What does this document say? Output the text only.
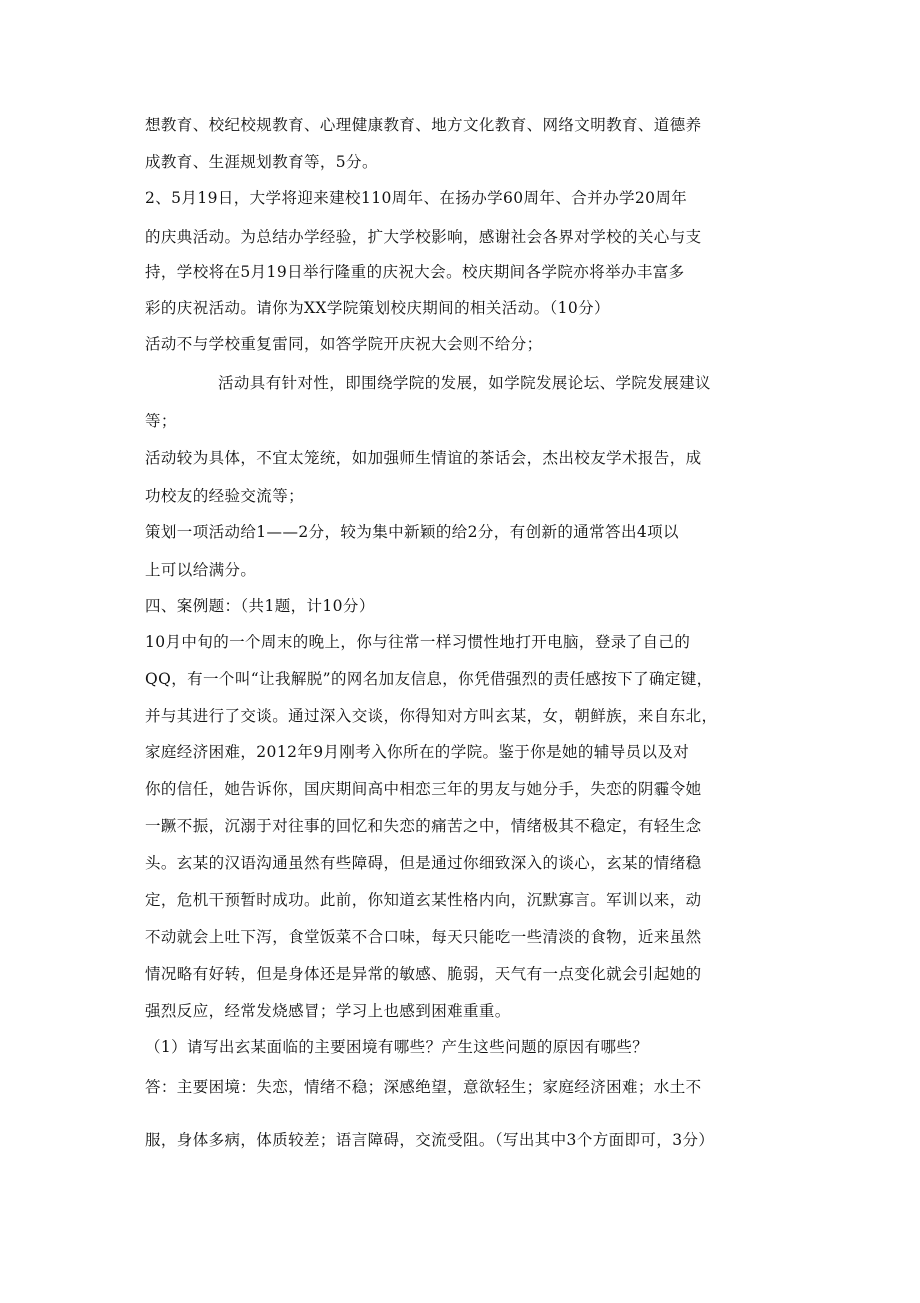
想教育、校纪校规教育、心理健康教育、地方文化教育、网络文明教育、道德养
成教育、生涯规划教育等，5分。
2、5月19日，大学将迎来建校110周年、在扬办学60周年、合并办学20周年
的庆典活动。为总结办学经验，扩大学校影响，感谢社会各界对学校的关心与支
持，学校将在5月19日举行隆重的庆祝大会。校庆期间各学院亦将举办丰富多
彩的庆祝活动。请你为XX学院策划校庆期间的相关活动。（10分）
活动不与学校重复雷同，如答学院开庆祝大会则不给分；
活动具有针对性，即围绕学院的发展，如学院发展论坛、学院发展建议
等；
活动较为具体，不宜太笼统，如加强师生情谊的茶话会，杰出校友学术报告，成
功校友的经验交流等；
策划一项活动给1——2分，较为集中新颖的给2分，有创新的通常答出4项以
上可以给满分。
四、案例题：（共1题，计10分）
10月中旬的一个周末的晚上，你与往常一样习惯性地打开电脑，登录了自己的
QQ，有一个叫“让我解脱”的网名加友信息，你凭借强烈的责任感按下了确定键，
并与其进行了交谈。通过深入交谈，你得知对方叫玄某，女，朝鲜族，来自东北，
家庭经济困难，2012年9月刚考入你所在的学院。鉴于你是她的辅导员以及对
你的信任，她告诉你，国庆期间高中相恋三年的男友与她分手，失恋的阴霾令她
一蹶不振，沉溺于对往事的回忆和失恋的痛苦之中，情绪极其不稳定，有轻生念
头。玄某的汉语沟通虽然有些障碍，但是通过你细致深入的谈心，玄某的情绪稳
定，危机干预暂时成功。此前，你知道玄某性格内向，沉默寡言。军训以来，动
不动就会上吐下泻，食堂饭菜不合口味，每天只能吃一些清淡的食物，近来虽然
情况略有好转，但是身体还是异常的敏感、脆弱，天气有一点变化就会引起她的
强烈反应，经常发烧感冒；学习上也感到困难重重。
（1）请写出玄某面临的主要困境有哪些？产生这些问题的原因有哪些？
答：主要困境：失恋，情绪不稳；深感绝望，意欲轻生；家庭经济困难；水土不
服，身体多病，体质较差；语言障碍，交流受阻。（写出其中3个方面即可，3分）
